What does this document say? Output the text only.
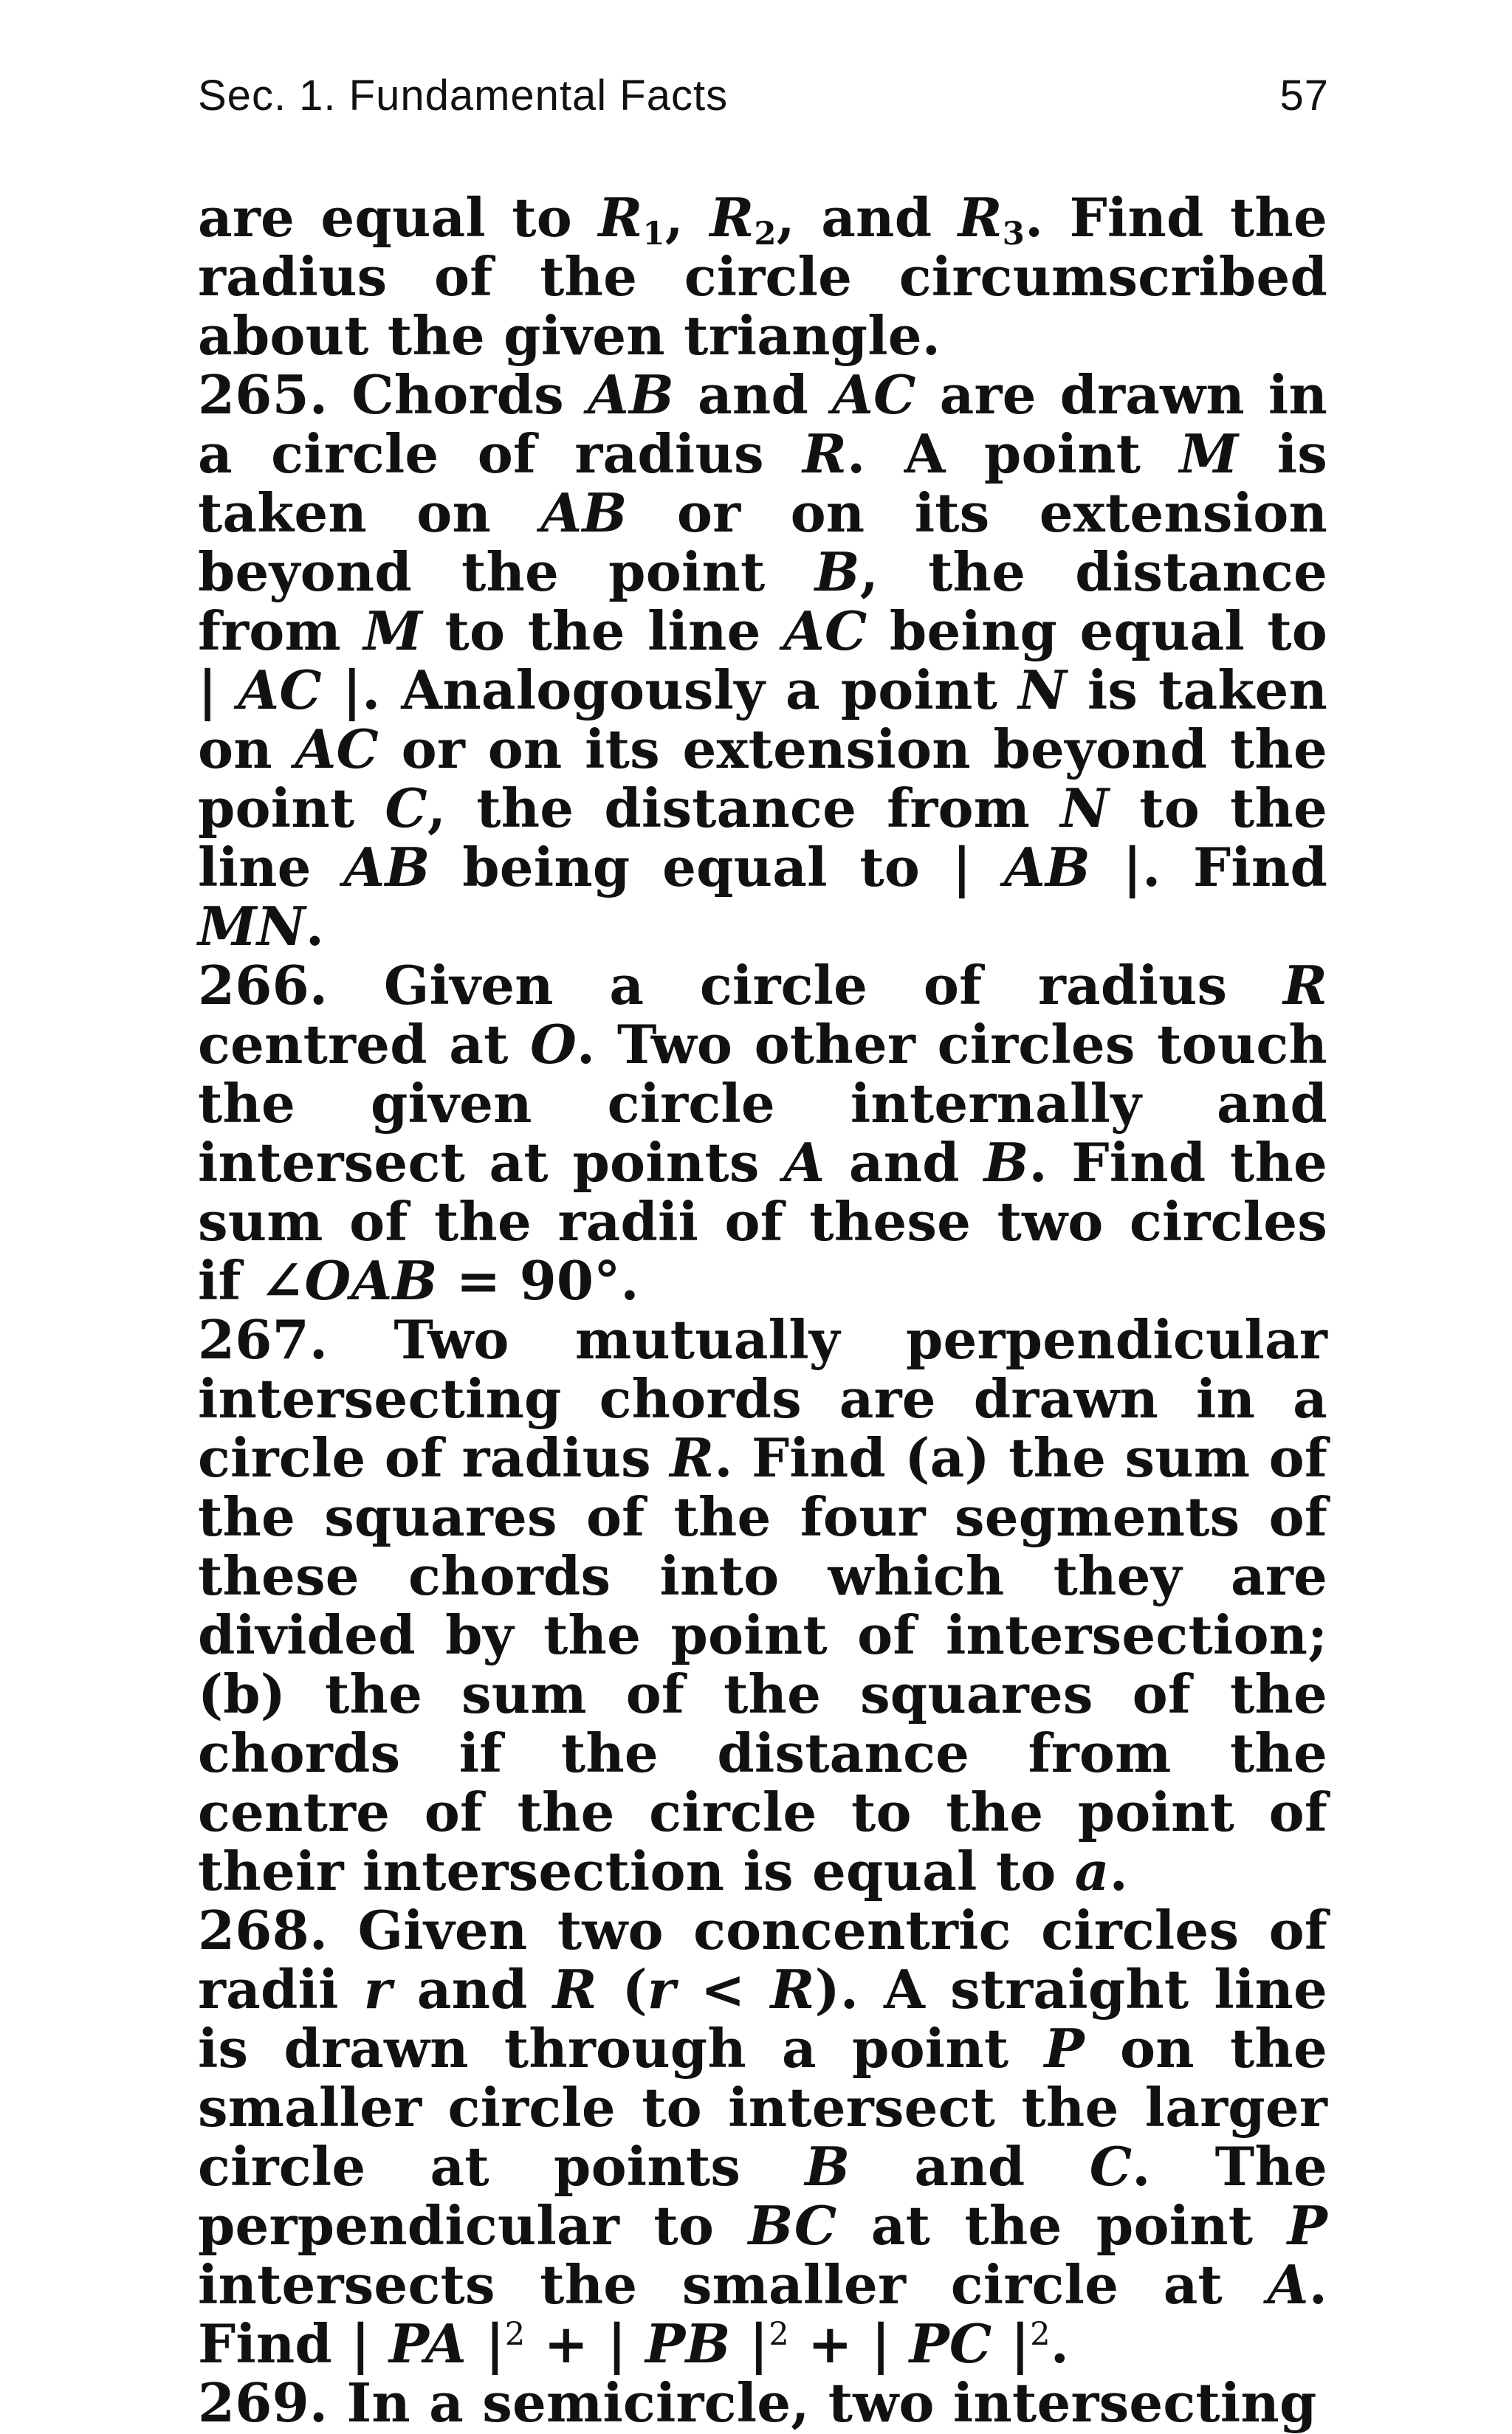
Sec. 1. Fundamental Facts	57

are equal to $R_1$, $R_2$, and $R_3$. Find the radius of the circle circumscribed about the given triangle.

265. Chords AB and AC are drawn in a circle of radius R. A point M is taken on AB or on its extension beyond the point B, the distance from M to the line AC being equal to | AC |. Analogously a point N is taken on AC or on its extension beyond the point C, the distance from N to the line AB being equal to | AB |. Find MN.

266. Given a circle of radius R centred at O. Two other circles touch the given circle internally and intersect at points A and B. Find the sum of the radii of these two circles if ∠OAB = 90°.

267. Two mutually perpendicular intersecting chords are drawn in a circle of radius R. Find (a) the sum of the squares of the four segments of these chords into which they are divided by the point of intersection; (b) the sum of the squares of the chords if the distance from the centre of the circle to the point of their intersection is equal to a.

268. Given two concentric circles of radii r and R (r < R). A straight line is drawn through a point P on the smaller circle to intersect the larger circle at points B and C. The perpendicular to BC at the point P intersects the smaller circle at A. Find | PA $|^2$ + | PB $|^2$ + | PC $|^2$.

269. In a semicircle, two intersecting
